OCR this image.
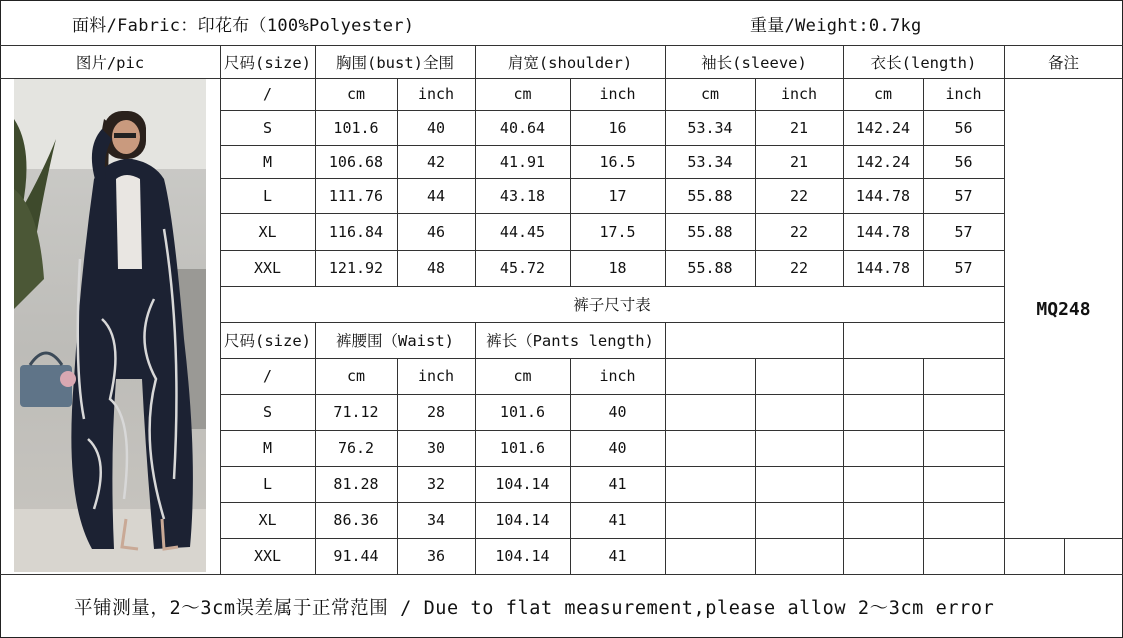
面料/Fabric：印花布（100%Polyester)	重量/Weight:0.7kg
图片/pic	尺码(size)	胸围(bust)全围	肩宽(shoulder)	袖长(sleeve)	衣长(length)	备注
/	cm	inch	cm	inch	cm	inch	cm	inch
S	101.6	40	40.64	16	53.34	21	142.24	56
M	106.68	42	41.91	16.5	53.34	21	142.24	56
L	111.76	44	43.18	17	55.88	22	144.78	57
XL	116.84	46	44.45	17.5	55.88	22	144.78	57
XXL	121.92	48	45.72	18	55.88	22	144.78	57
裤子尺寸表
尺码(size)	裤腰围（Waist)	裤长（Pants length)
/	cm	inch	cm	inch
S	71.12	28	101.6	40
M	76.2	30	101.6	40
L	81.28	32	104.14	41
XL	86.36	34	104.14	41
XXL	91.44	36	104.14	41
MQ248
平铺测量，2～3cm误差属于正常范围 / Due to flat measurement,please allow 2～3cm error
